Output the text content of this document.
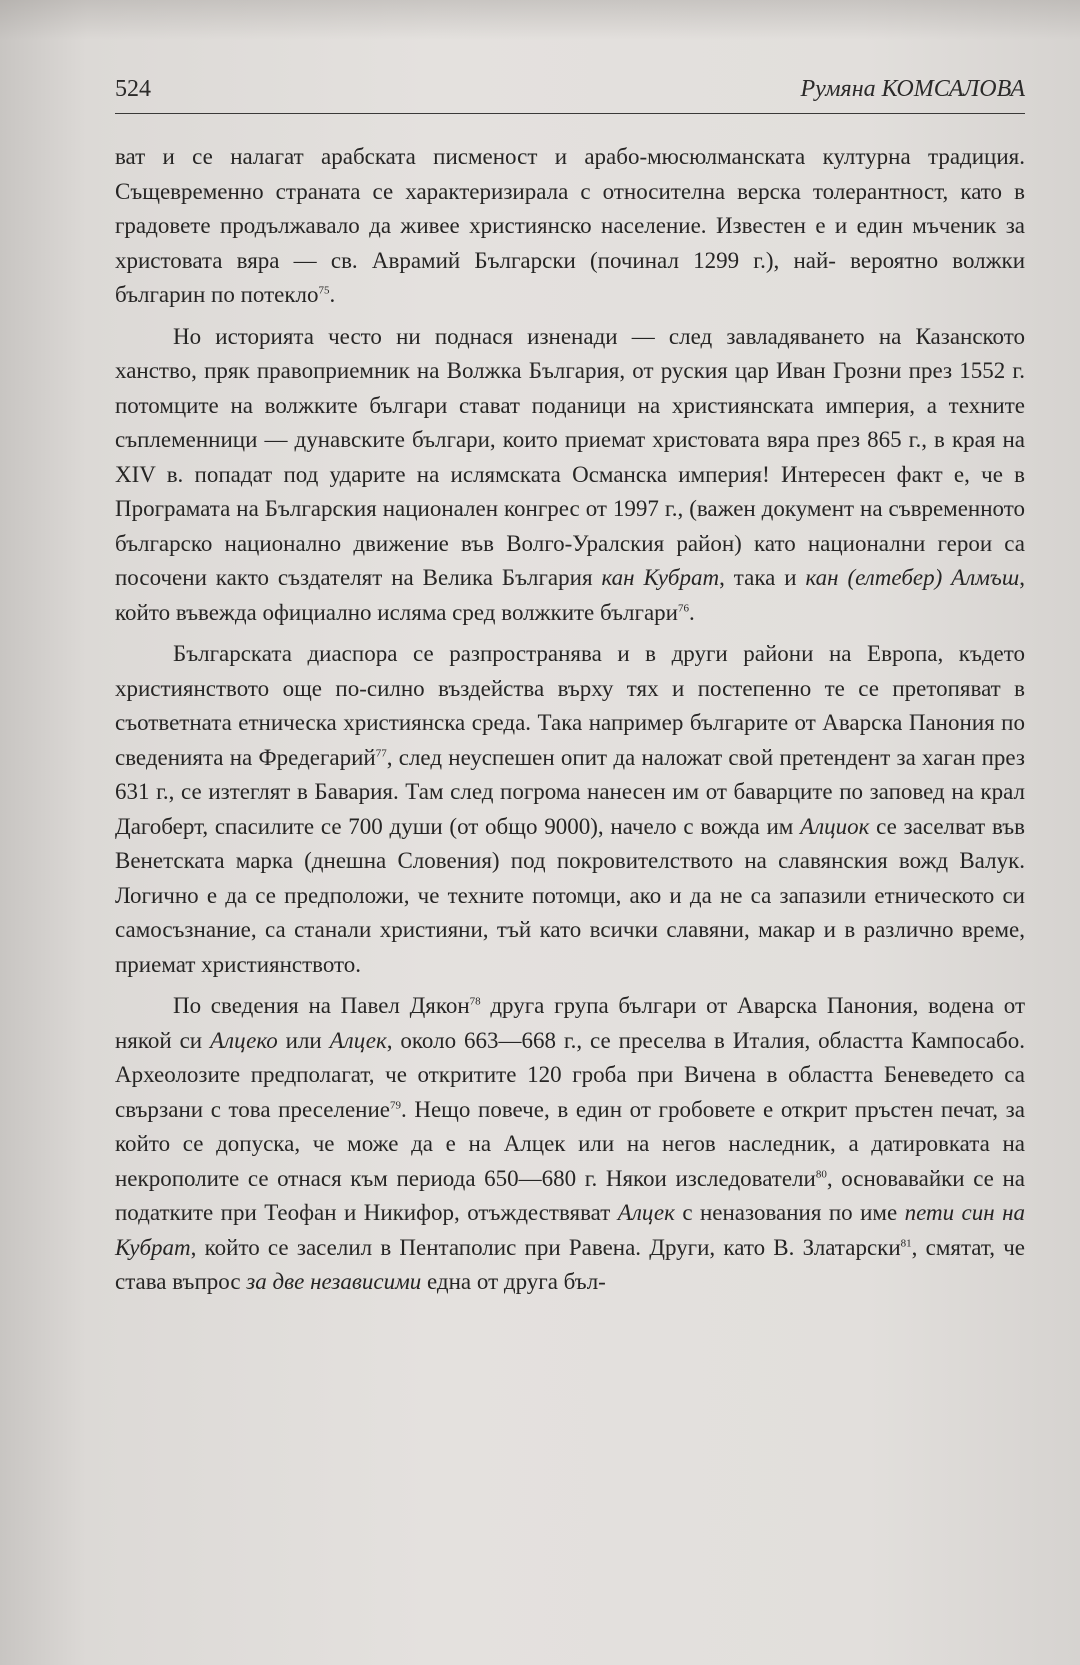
524	Румяна КОМСАЛОВА

ват и се налагат арабската писменост и арабо-мюсюлманската културна традиция. Същевременно страната се характеризирала с относителна верска толерантност, като в градовете продължавало да живее християнско население. Известен е и един мъченик за христовата вяра — св. Аврамий Български (починал 1299 г.), най- вероятно волжки българин по потекло$^{75}$.

Но историята често ни поднася изненади — след завладяването на Казанското ханство, пряк правоприемник на Волжка България, от руския цар Иван Грозни през 1552 г. потомците на волжките българи стават поданици на християнската империя, а техните съплеменници — дунавските българи, които приемат христовата вяра през 865 г., в края на XIV в. попадат под ударите на ислямската Османска империя! Интересен факт е, че в Програмата на Българския национален конгрес от 1997 г., (важен документ на съвременното българско национално движение във Волго-Уралския район) като национални герои са посочени както създателят на Велика България кан Кубрат, така и кан (елтебер) Алмъш, който въвежда официално исляма сред волжките българи$^{76}$.

Българската диаспора се разпространява и в други райони на Европа, където християнството още по-силно въздейства върху тях и постепенно те се претопяват в съответната етническа християнска среда. Така например българите от Аварска Панония по сведенията на Фредегарий$^{77}$, след неуспешен опит да наложат свой претендент за хаган през 631 г., се изтеглят в Бавария. Там след погрома нанесен им от баварците по заповед на крал Дагоберт, спасилите се 700 души (от общо 9000), начело с вожда им Алциок се заселват във Венетската марка (днешна Словения) под покровителството на славянския вожд Валук. Логично е да се предположи, че техните потомци, ако и да не са запазили етническото си самосъзнание, са станали християни, тъй като всички славяни, макар и в различно време, приемат християнството.

По сведения на Павел Дякон$^{78}$ друга група българи от Аварска Панония, водена от някой си Алцеко или Алцек, около 663—668 г., се преселва в Италия, областта Кампосабо. Археолозите предполагат, че откритите 120 гроба при Вичена в областта Беневедето са свързани с това преселение$^{79}$. Нещо повече, в един от гробовете е открит пръстен печат, за който се допуска, че може да е на Алцек или на негов наследник, а датировката на некрополите се отнася към периода 650—680 г. Някои изследователи$^{80}$, основавайки се на податките при Теофан и Никифор, отъждествяват Алцек с неназования по име пети син на Кубрат, който се заселил в Пентаполис при Равена. Други, като В. Златарски$^{81}$, смятат, че става въпрос за две независими една от друга бъл-
